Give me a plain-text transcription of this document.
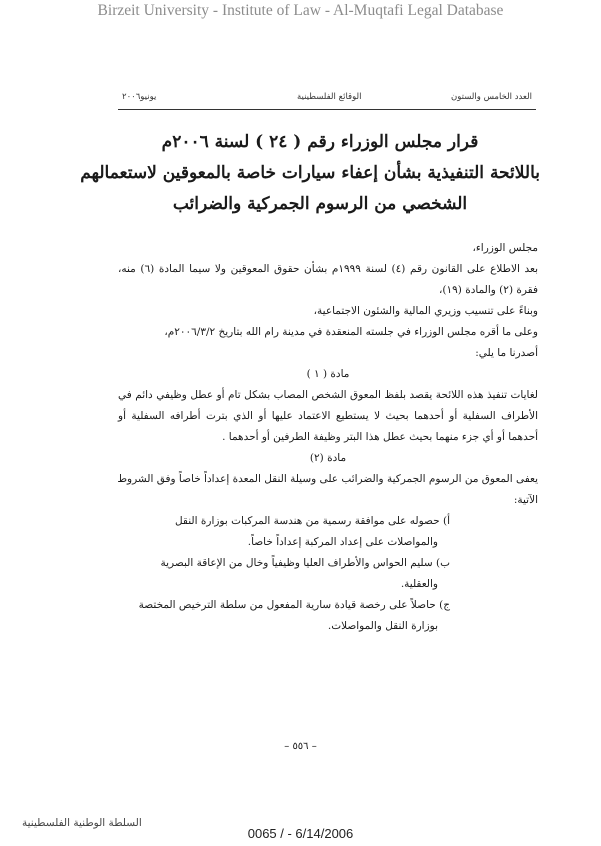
Birzeit University - Institute of Law - Al-Muqtafi Legal Database
العدد الخامس والستون
الوقائع الفلسطينية
يونيو٢٠٠٦
قرار مجلس الوزراء رقم ( ٢٤ ) لسنة ٢٠٠٦م
باللائحة التنفيذية بشأن إعفاء سيارات خاصة بالمعوقين لاستعمالهم
الشخصي من الرسوم الجمركية والضرائب

مجلس الوزراء،

بعد الاطلاع على القانون رقم (٤) لسنة ١٩٩٩م بشأن حقوق المعوقين ولا سيما المادة (٦) منه،

فقرة (٢) والمادة (١٩)،

وبناءً على تنسيب وزيري المالية والشئون الاجتماعية،

وعلى ما أقره مجلس الوزراء في جلسته المنعقدة في مدينة رام الله بتاريخ ٢٠٠٦/٣/٢م،

أصدرنا ما يلي:

مادة ( ١ )

لغايات تنفيذ هذه اللائحة يقصد بلفظ المعوق الشخص المصاب بشكل تام أو عطل وظيفي دائم في

الأطراف السفلية أو أحدهما بحيث لا يستطيع الاعتماد عليها أو الذي بترت أطرافه السفلية أو

أحدهما أو أي جزء منهما بحيث عطل هذا البتر وظيفة الطرفين أو أحدهما .

مادة (٢)

يعفى المعوق من الرسوم الجمركية والضرائب على وسيلة النقل المعدة إعداداً خاصاً وفق الشروط

الآتية:

أ) حصوله على موافقة رسمية من هندسة المركبات بوزارة النقل

والمواصلات على إعداد المركبة إعداداً خاصاً.

ب) سليم الحواس والأطراف العليا وظيفياً وخال من الإعاقة البصرية

والعقلية.

ج) حاصلاً على رخصة قيادة سارية المفعول من سلطة الترخيص المختصة

بوزارة النقل والمواصلات.

– ٥٥٦ –
السلطة الوطنية الفلسطينية
0065 / - 6/14/2006
